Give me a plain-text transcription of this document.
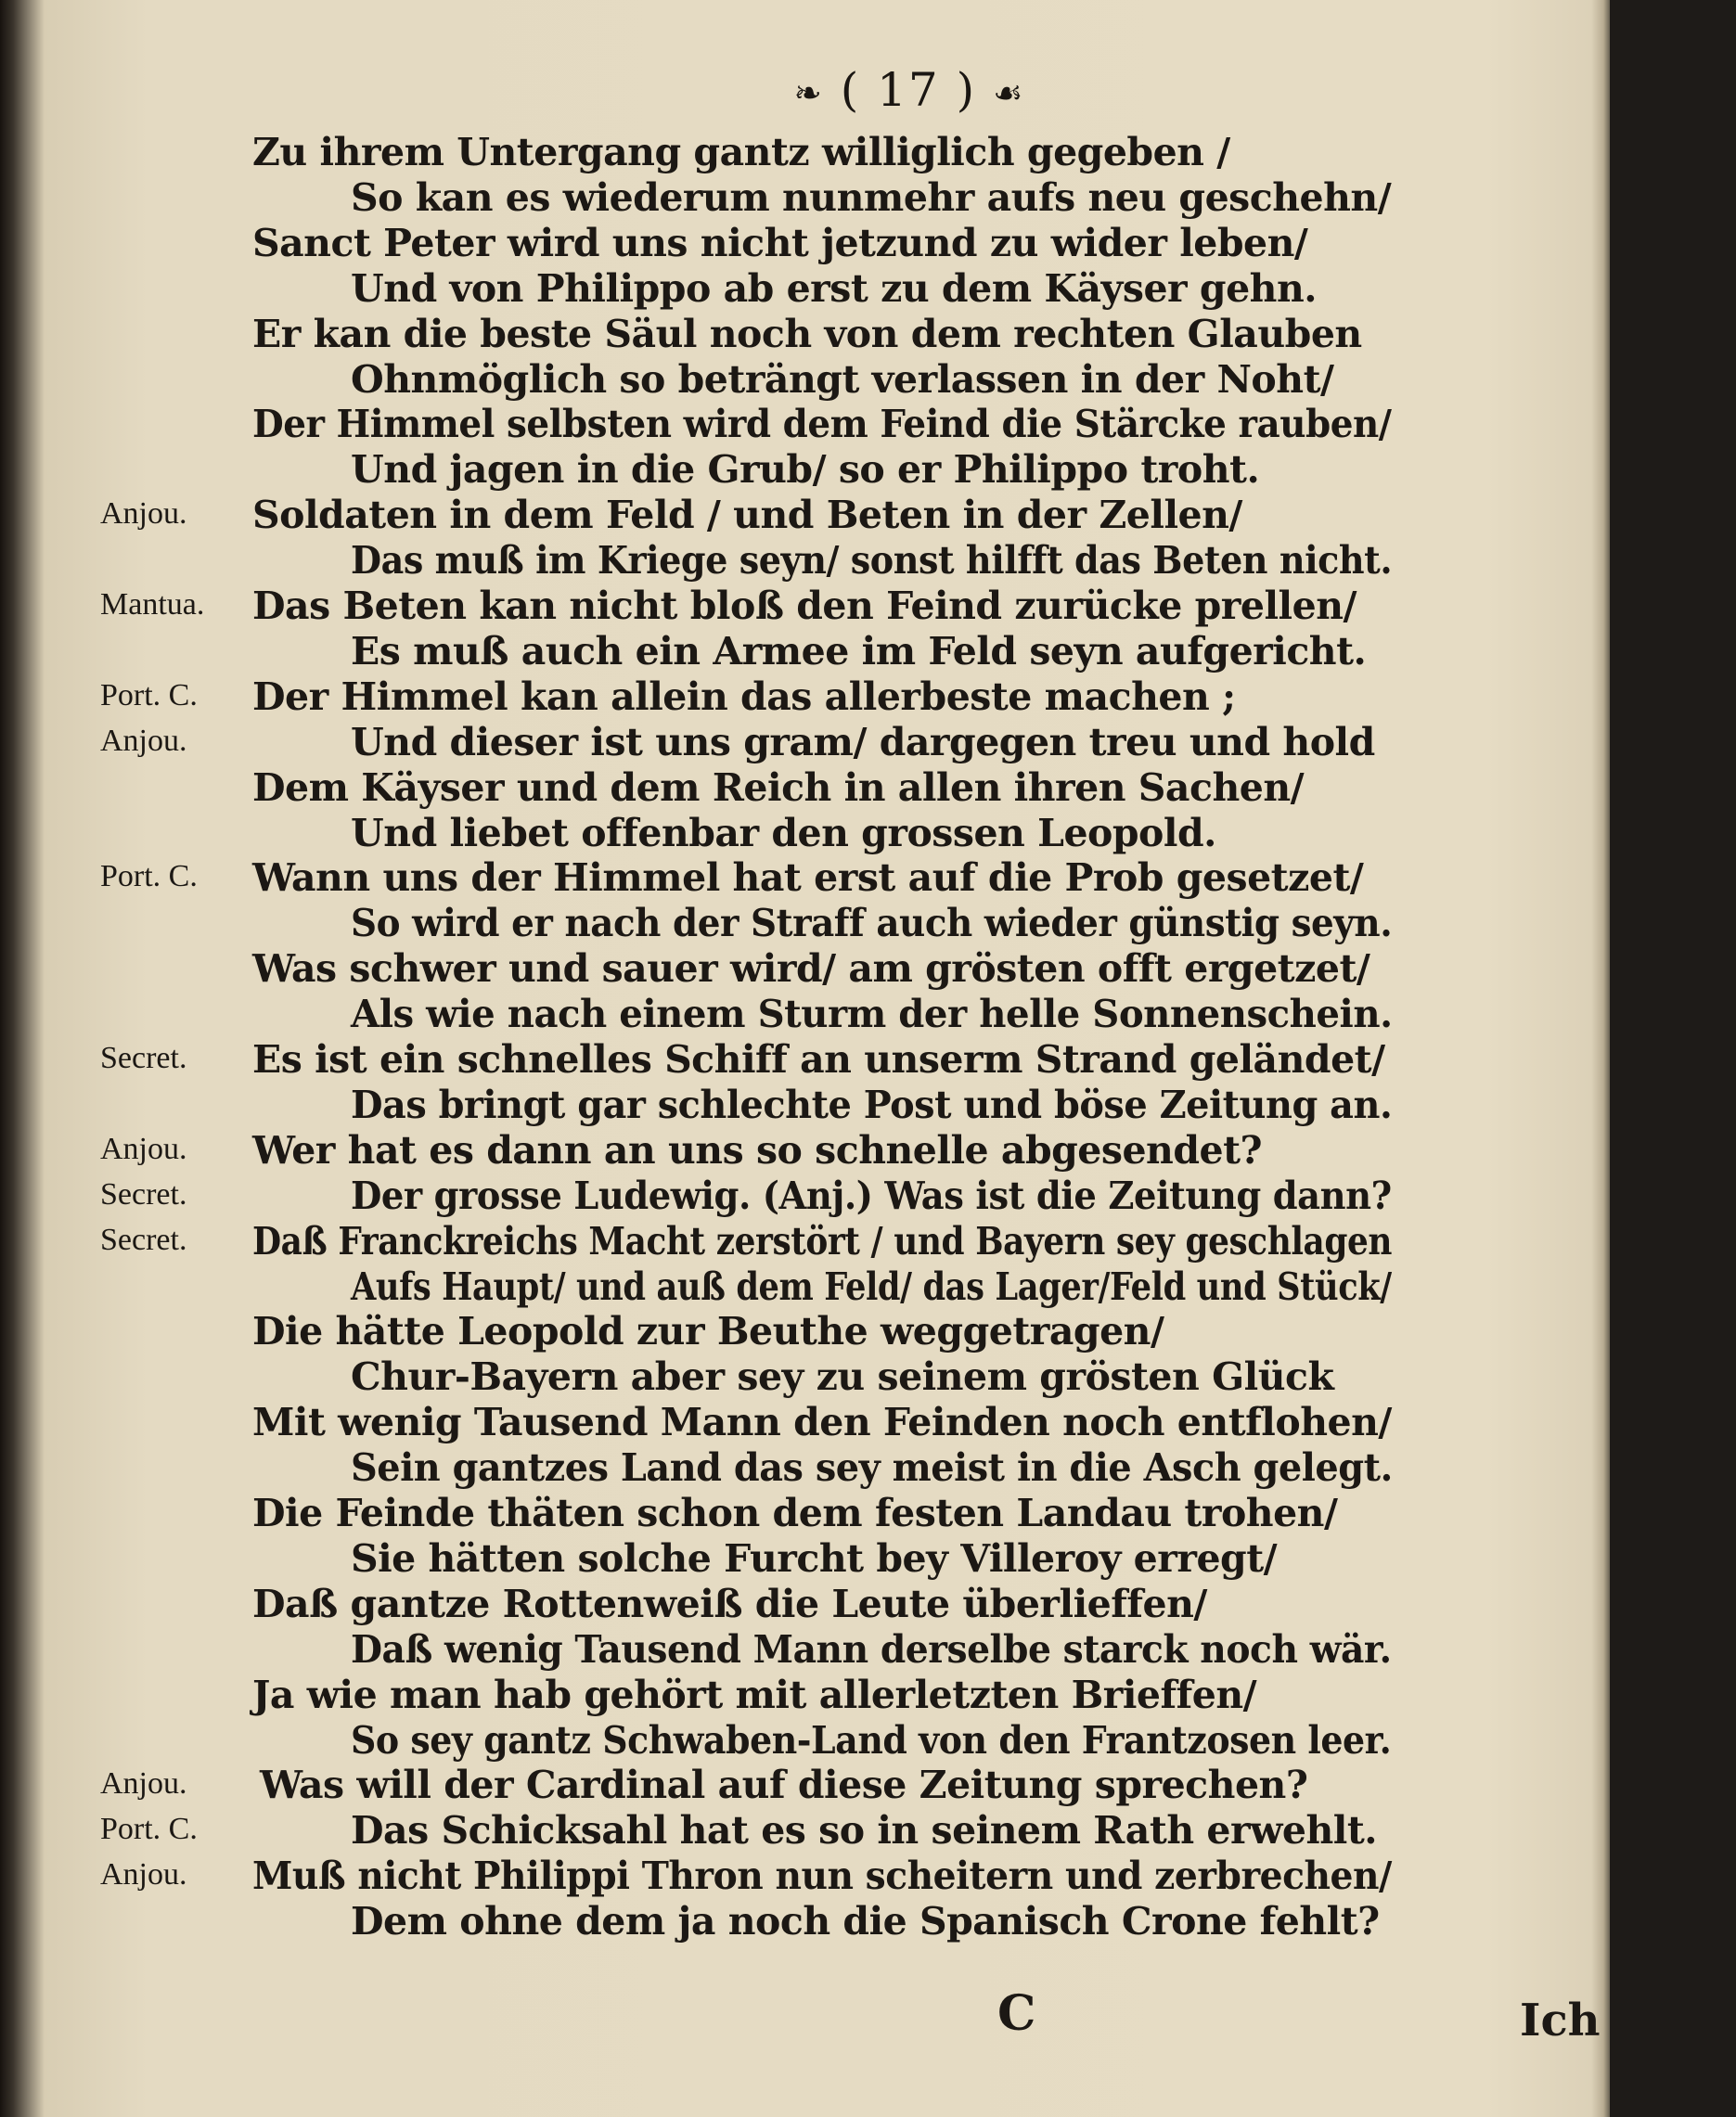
❧ ( 17 ) ☙
C	Ich
Zu ihrem Untergang gantz williglich gegeben /
So kan es wiederum nunmehr aufs neu geschehn/
Sanct Peter wird uns nicht jetzund zu wider leben/
Und von Philippo ab erst zu dem Käyser gehn.
Er kan die beste Säul noch von dem rechten Glauben
Ohnmöglich so beträngt verlassen in der Noht/
Der Himmel selbsten wird dem Feind die Stärcke rauben/
Und jagen in die Grub/ so er Philippo troht.
Soldaten in dem Feld / und Beten in der Zellen/
Anjou.
Das muß im Kriege seyn/ sonst hilfft das Beten nicht.
Das Beten kan nicht bloß den Feind zurücke prellen/
Mantua.
Es muß auch ein Armee im Feld seyn aufgericht.
Der Himmel kan allein das allerbeste machen ;
Port. C.
Und dieser ist uns gram/ dargegen treu und hold
Anjou.
Dem Käyser und dem Reich in allen ihren Sachen/
Und liebet offenbar den grossen Leopold.
Wann uns der Himmel hat erst auf die Prob gesetzet/
Port. C.
So wird er nach der Straff auch wieder günstig seyn.
Was schwer und sauer wird/ am grösten offt ergetzet/
Als wie nach einem Sturm der helle Sonnenschein.
Es ist ein schnelles Schiff an unserm Strand geländet/
Secret.
Das bringt gar schlechte Post und böse Zeitung an.
Wer hat es dann an uns so schnelle abgesendet?
Anjou.
Der grosse Ludewig. (Anj.) Was ist die Zeitung dann?
Secret.
Daß Franckreichs Macht zerstört / und Bayern sey geschlagen
Secret.
Aufs Haupt/ und auß dem Feld/ das Lager/Feld und Stück/
Die hätte Leopold zur Beuthe weggetragen/
Chur-Bayern aber sey zu seinem grösten Glück
Mit wenig Tausend Mann den Feinden noch entflohen/
Sein gantzes Land das sey meist in die Asch gelegt.
Die Feinde thäten schon dem festen Landau trohen/
Sie hätten solche Furcht bey Villeroy erregt/
Daß gantze Rottenweiß die Leute überlieffen/
Daß wenig Tausend Mann derselbe starck noch wär.
Ja wie man hab gehört mit allerletzten Brieffen/
So sey gantz Schwaben-Land von den Frantzosen leer.
Was will der Cardinal auf diese Zeitung sprechen?
Anjou.
Das Schicksahl hat es so in seinem Rath erwehlt.
Port. C.
Muß nicht Philippi Thron nun scheitern und zerbrechen/
Anjou.
Dem ohne dem ja noch die Spanisch Crone fehlt?
